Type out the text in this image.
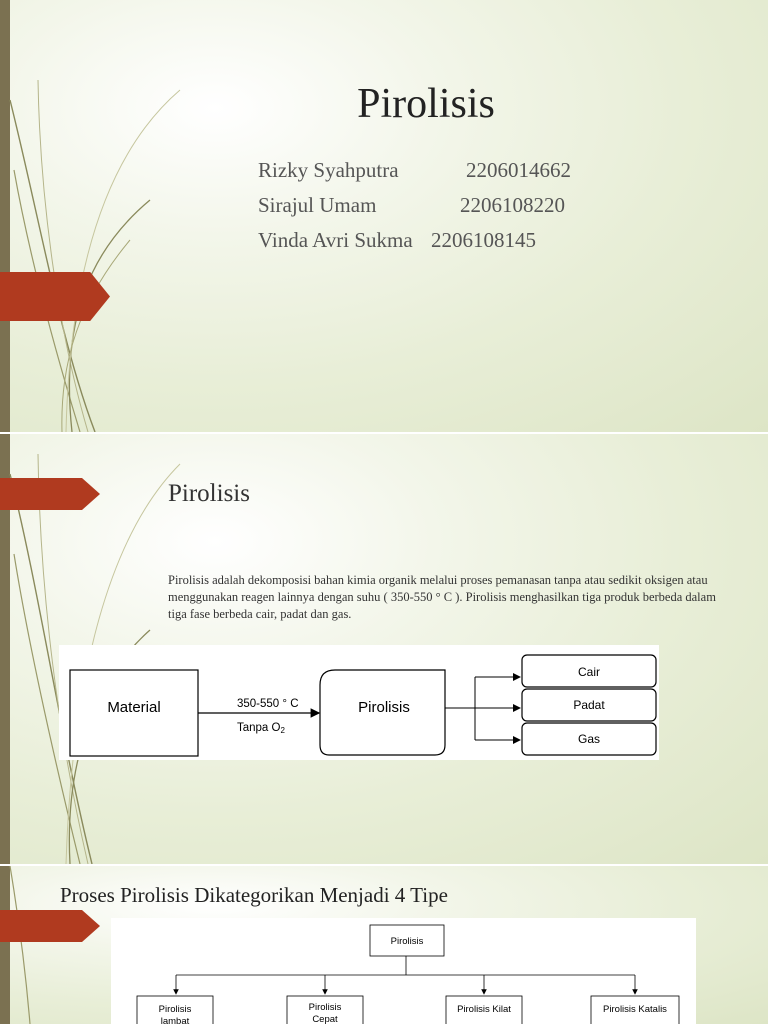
Pirolisis
Rizky Syahputra	2206014662
Sirajul Umam	2206108220
Vinda Avri Sukma 2206108145
Pirolisis
Pirolisis adalah dekomposisi bahan kimia organik melalui proses pemanasan tanpa atau sedikit oksigen atau menggunakan reagen lainnya dengan suhu ( 350-550 ° C ). Pirolisis menghasilkan tiga produk berbeda dalam tiga fase berbeda cair, padat dan gas.
Material	350-550 ° C
Tanpa O2
Pirolisis
Cair
Padat
Gas
Proses Pirolisis Dikategorikan Menjadi 4 Tipe
Pirolisis
Pirolisis
lambat
Pirolisis
Cepat
Pirolisis Kilat	Pirolisis Katalis
